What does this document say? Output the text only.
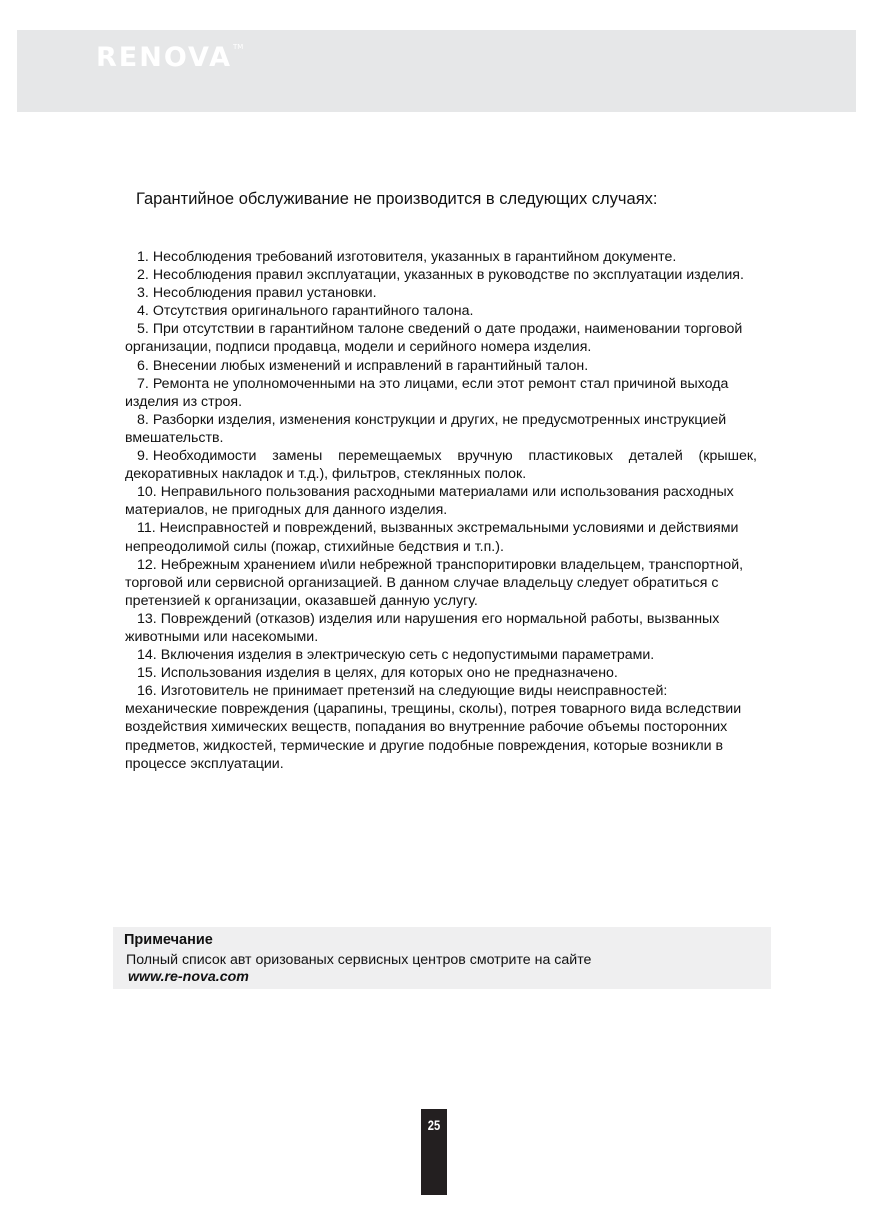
RENOVA™
Гарантийное обслуживание не производится в следующих случаях:

1. Несоблюдения требований изготовителя, указанных в гарантийном документе.

2. Несоблюдения правил эксплуатации, указанных в руководстве по эксплуатации изделия.

3. Несоблюдения правил установки.

4. Отсутствия оригинального гарантийного талона.

5. При отсутствии в гарантийном талоне сведений о дате продажи, наименовании торговой организации, подписи продавца, модели и серийного номера изделия.

6. Внесении любых изменений и исправлений в гарантийный талон.

7. Ремонта не уполномоченными на это лицами, если этот ремонт стал причиной выхода изделия из строя.

8. Разборки изделия, изменения конструкции и других, не предусмотренных инструкцией вмешательств.

9. Необходимости замены перемещаемых вручную пластиковых деталей (крышек, декоративных накладок и т.д.), фильтров, стеклянных полок.

10. Неправильного пользования расходными материалами или использования расходных материалов, не пригодных для данного изделия.

11. Неисправностей и повреждений, вызванных экстремальными условиями и действиями непреодолимой силы (пожар, стихийные бедствия и т.п.).

12. Небрежным хранением и\или небрежной транспоритировки владельцем, транспортной, торговой или сервисной организацией. В данном случае владельцу следует обратиться с претензией к организации, оказавшей данную услугу.

13. Повреждений (отказов) изделия или нарушения его нормальной работы, вызванных животными или насекомыми.

14. Включения изделия в электрическую сеть с недопустимыми параметрами.

15. Использования изделия в целях, для которых оно не предназначено.

16. Изготовитель не принимает претензий на следующие виды неисправностей: механические повреждения (царапины, трещины, сколы), потрея товарного вида вследствии воздействия химических веществ, попадания во внутренние рабочие объемы посторонних предметов, жидкостей, термические и другие подобные повреждения, которые возникли в процессе эксплуатации.

Примечание
Полный список авт оризованых сервисных центров смотрите на сайте
www.re-nova.com
25
